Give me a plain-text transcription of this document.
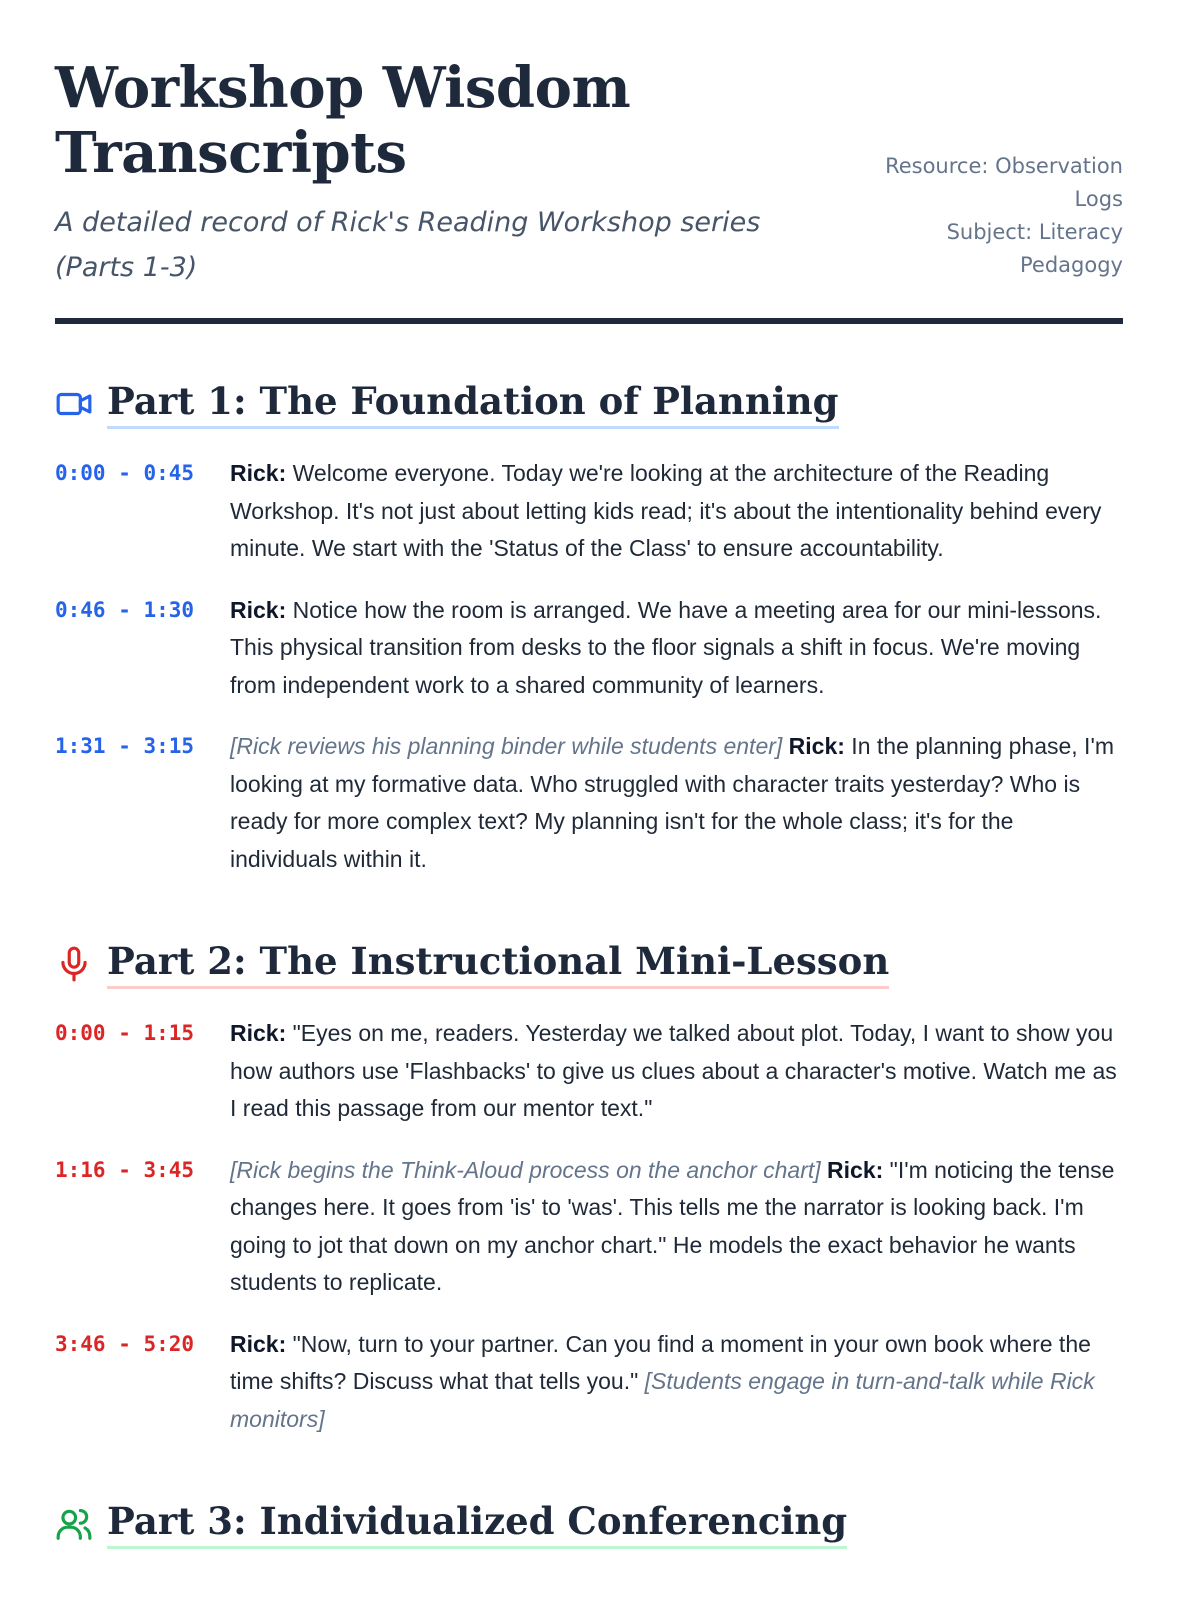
Workshop Wisdom
Transcripts
A detailed record of Rick's Reading Workshop series (Parts 1-3)
Resource: Observation Logs
Subject: Literacy Pedagogy
Part 1: The Foundation of Planning
0:00 - 0:45	Rick: Welcome everyone. Today we're looking at the architecture of the Reading Workshop. It's not just about letting kids read; it's about the intentionality behind every minute. We start with the 'Status of the Class' to ensure accountability.
0:46 - 1:30	Rick: Notice how the room is arranged. We have a meeting area for our mini-lessons. This physical transition from desks to the floor signals a shift in focus. We're moving from independent work to a shared community of learners.
1:31 - 3:15	[Rick reviews his planning binder while students enter] Rick: In the planning phase, I'm looking at my formative data. Who struggled with character traits yesterday? Who is ready for more complex text? My planning isn't for the whole class; it's for the individuals within it.
Part 2: The Instructional Mini-Lesson
0:00 - 1:15	Rick: "Eyes on me, readers. Yesterday we talked about plot. Today, I want to show you how authors use 'Flashbacks' to give us clues about a character's motive. Watch me as I read this passage from our mentor text."
1:16 - 3:45	[Rick begins the Think-Aloud process on the anchor chart] Rick: "I'm noticing the tense changes here. It goes from 'is' to 'was'. This tells me the narrator is looking back. I'm going to jot that down on my anchor chart." He models the exact behavior he wants students to replicate.
3:46 - 5:20	Rick: "Now, turn to your partner. Can you find a moment in your own book where the time shifts? Discuss what that tells you." [Students engage in turn-and-talk while Rick monitors]
Part 3: Individualized Conferencing
